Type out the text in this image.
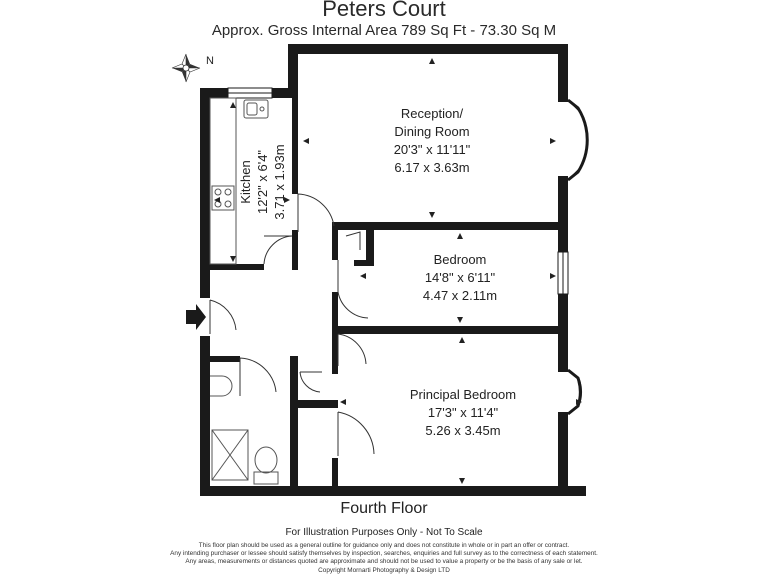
Peters Court
Approx. Gross Internal Area 789 Sq Ft - 73.30 Sq M
N
Reception/
Dining Room
20'3" x 11'11"
6.17 x 3.63m
Kitchen 12'2" x 6'4" 3.71 x 1.93m
Bedroom
14'8" x 6'11"
4.47 x 2.11m
Principal Bedroom
17'3" x 11'4"
5.26 x 3.45m
Fourth Floor
For Illustration Purposes Only - Not To Scale
This floor plan should be used as a general outline for guidance only and does not constitute in whole or in part an offer or contract.
Any intending purchaser or lessee should satisfy themselves by inspection, searches, enquiries and full survey as to the correctness of each statement.
Any areas, measurements or distances quoted are approximate and should not be used to value a property or be the basis of any sale or let.
Copyright Mornarti Photography & Design LTD
